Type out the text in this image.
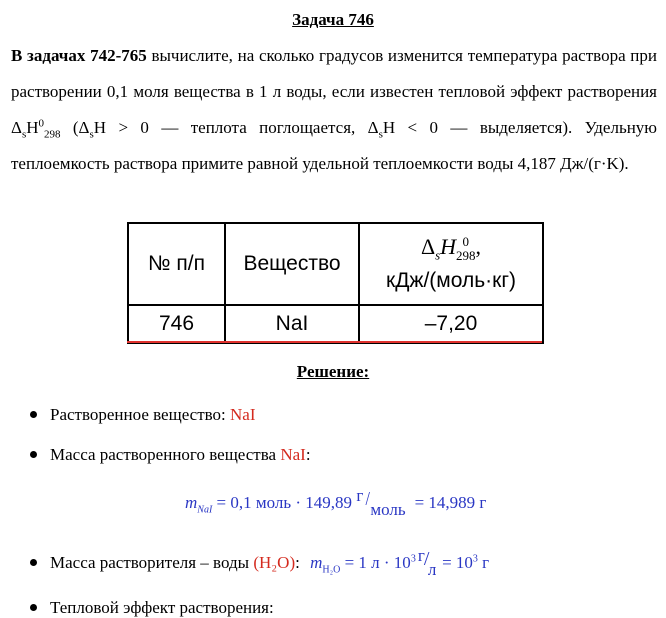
Задача 746
В задачах 742-765 вычислите, на сколько градусов изменится температура раствора при растворении 0,1 моля вещества в 1 л воды, если известен тепловой эффект растворения $\Delta_sH^0_{298}$ ($\Delta_sH > 0$ — теплота поглощается, $\Delta_sH < 0$ — выделяется). Удельную теплоемкость раствора примите равной удельной теплоемкости воды 4,187 Дж/(г·K).
№ п/п	Вещество	$\Delta_sH$ 0
298 ,
кДж/(моль·кг)

746	NaI	–7,20
Решение:
Растворенное вещество: NaI
Масса растворенного вещества NaI:
$m_{NaI} = 0,1$ моль · 149,89 г / моль = 14,989 г
Масса растворителя – воды (H₂O): $m_{H_2O} = 1$ $л \cdot 10^3$ г /
$л = 10^3$ г
Тепловой эффект растворения:
